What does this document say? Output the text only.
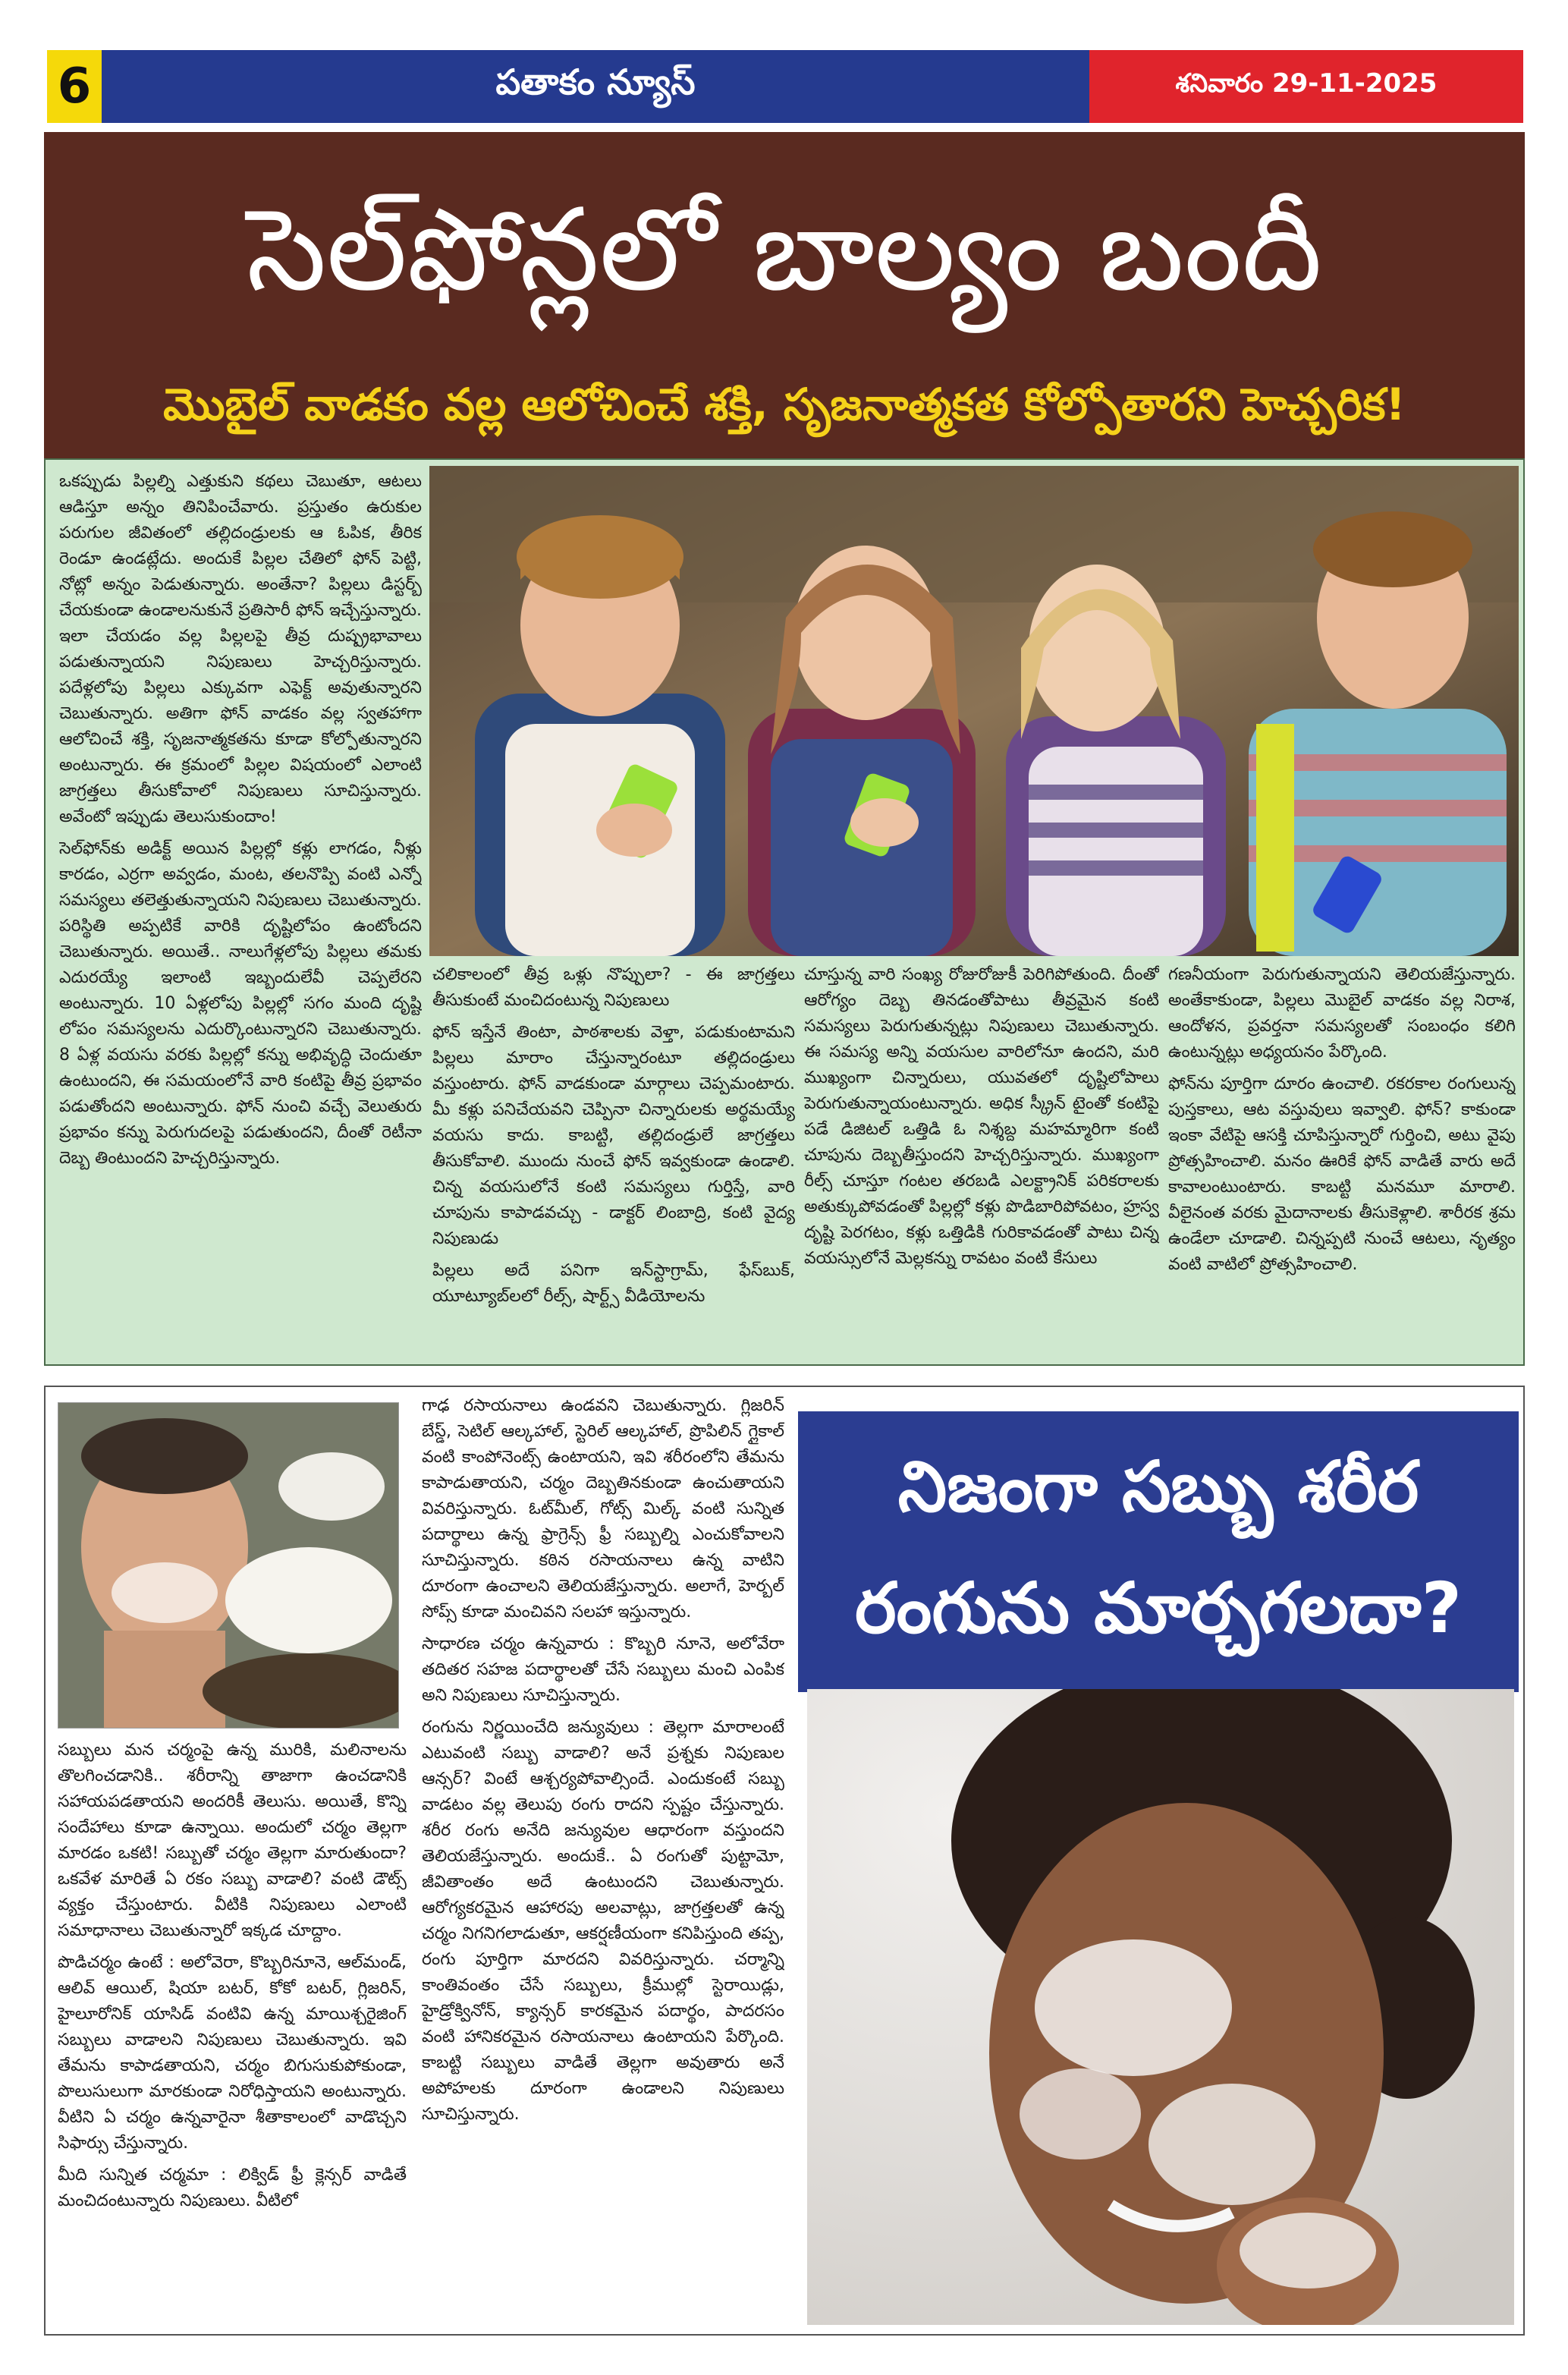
6	పతాకం న్యూస్	శనివారం 29-11-2025
సెల్‌ఫోన్లలో బాల్యం బందీ
మొబైల్ వాడకం వల్ల ఆలోచించే శక్తి, సృజనాత్మకత కోల్పోతారని హెచ్చరిక!

ఒకప్పుడు పిల్లల్ని ఎత్తుకుని కథలు చెబుతూ, ఆటలు ఆడిస్తూ అన్నం తినిపించేవారు. ప్రస్తుతం ఉరుకుల పరుగుల జీవితంలో తల్లిదండ్రులకు ఆ ఓపిక, తీరిక రెండూ ఉండట్లేదు. అందుకే పిల్లల చేతిలో ఫోన్ పెట్టి, నోట్లో అన్నం పెడుతున్నారు. అంతేనా? పిల్లలు డిస్టర్బ్ చేయకుండా ఉండాలనుకునే ప్రతిసారీ ఫోన్ ఇచ్చేస్తున్నారు. ఇలా చేయడం వల్ల పిల్లలపై తీవ్ర దుష్ప్రభావాలు పడుతున్నాయని నిపుణులు హెచ్చరిస్తున్నారు. పదేళ్లలోపు పిల్లలు ఎక్కువగా ఎఫెక్ట్ అవుతున్నారని చెబుతున్నారు. అతిగా ఫోన్ వాడకం వల్ల స్వతహాగా ఆలోచించే శక్తి, సృజనాత్మకతను కూడా కోల్పోతున్నారని అంటున్నారు. ఈ క్రమంలో పిల్లల విషయంలో ఎలాంటి జాగ్రత్తలు తీసుకోవాలో నిపుణులు సూచిస్తున్నారు. అవేంటో ఇప్పుడు తెలుసుకుందాం!

సెల్‌ఫోన్‌కు అడిక్ట్ అయిన పిల్లల్లో కళ్లు లాగడం, నీళ్లు కారడం, ఎర్రగా అవ్వడం, మంట, తలనొప్పి వంటి ఎన్నో సమస్యలు తలెత్తుతున్నాయని నిపుణులు చెబుతున్నారు. పరిస్థితి అప్పటికే వారికి దృష్టిలోపం ఉంటోందని చెబుతున్నారు. అయితే.. నాలుగేళ్లలోపు పిల్లలు తమకు ఎదురయ్యే ఇలాంటి ఇబ్బందులేవీ చెప్పలేరని అంటున్నారు. 10 ఏళ్లలోపు పిల్లల్లో సగం మంది దృష్టి లోపం సమస్యలను ఎదుర్కొంటున్నారని చెబుతున్నారు. 8 ఏళ్ల వయసు వరకు పిల్లల్లో కన్ను అభివృద్ధి చెందుతూ ఉంటుందని, ఈ సమయంలోనే వారి కంటిపై తీవ్ర ప్రభావం పడుతోందని అంటున్నారు. ఫోన్ నుంచి వచ్చే వెలుతురు ప్రభావం కన్ను పెరుగుదలపై పడుతుందని, దీంతో రెటీనా దెబ్బ తింటుందని హెచ్చరిస్తున్నారు.

చలికాలంలో తీవ్ర ఒళ్లు నొప్పులా? - ఈ జాగ్రత్తలు తీసుకుంటే మంచిదంటున్న నిపుణులు

ఫోన్ ఇస్తేనే తింటా, పాఠశాలకు వెళ్తా, పడుకుంటామని పిల్లలు మారాం చేస్తున్నారంటూ తల్లిదండ్రులు వస్తుంటారు. ఫోన్ వాడకుండా మార్గాలు చెప్పమంటారు. మీ కళ్లు పనిచేయవని చెప్పినా చిన్నారులకు అర్థమయ్యే వయసు కాదు. కాబట్టి, తల్లిదండ్రులే జాగ్రత్తలు తీసుకోవాలి. ముందు నుంచే ఫోన్ ఇవ్వకుండా ఉండాలి. చిన్న వయసులోనే కంటి సమస్యలు గుర్తిస్తే, వారి చూపును కాపాడవచ్చు - డాక్టర్ లింబాద్రి, కంటి వైద్య నిపుణుడు

పిల్లలు అదే పనిగా ఇన్‌స్టాగ్రామ్, ఫేస్‌బుక్, యూట్యూబ్‌లలో రీల్స్, షార్ట్స్ వీడియోలను

చూస్తున్న వారి సంఖ్య రోజురోజుకీ పెరిగిపోతుంది. దీంతో ఆరోగ్యం దెబ్బ తినడంతోపాటు తీవ్రమైన కంటి సమస్యలు పెరుగుతున్నట్లు నిపుణులు చెబుతున్నారు. ఈ సమస్య అన్ని వయసుల వారిలోనూ ఉందని, మరి ముఖ్యంగా చిన్నారులు, యువతలో దృష్టిలోపాలు పెరుగుతున్నాయంటున్నారు. అధిక స్క్రీన్ టైంతో కంటిపై పడే డిజిటల్ ఒత్తిడి ఓ నిశ్శబ్ద మహమ్మారిగా కంటి చూపును దెబ్బతీస్తుందని హెచ్చరిస్తున్నారు. ముఖ్యంగా రీల్స్ చూస్తూ గంటల తరబడి ఎలక్ట్రానిక్ పరికరాలకు అతుక్కుపోవడంతో పిల్లల్లో కళ్లు పొడిబారిపోవటం, హ్రస్వ దృష్టి పెరగటం, కళ్లు ఒత్తిడికి గురికావడంతో పాటు చిన్న వయస్సులోనే మెల్లకన్ను రావటం వంటి కేసులు

గణనీయంగా పెరుగుతున్నాయని తెలియజేస్తున్నారు. అంతేకాకుండా, పిల్లలు మొబైల్ వాడకం వల్ల నిరాశ, ఆందోళన, ప్రవర్తనా సమస్యలతో సంబంధం కలిగి ఉంటున్నట్లు అధ్యయనం పేర్కొంది.

ఫోన్‌ను పూర్తిగా దూరం ఉంచాలి. రకరకాల రంగులున్న పుస్తకాలు, ఆట వస్తువులు ఇవ్వాలి. ఫోన్? కాకుండా ఇంకా వేటిపై ఆసక్తి చూపిస్తున్నారో గుర్తించి, అటు వైపు ప్రోత్సహించాలి. మనం ఊరికే ఫోన్ వాడితే వారు అదే కావాలంటుంటారు. కాబట్టి మనమూ మారాలి. వీలైనంత వరకు మైదానాలకు తీసుకెళ్లాలి. శారీరక శ్రమ ఉండేలా చూడాలి. చిన్నప్పటి నుంచే ఆటలు, నృత్యం వంటి వాటిలో ప్రోత్సహించాలి.

సబ్బులు మన చర్మంపై ఉన్న మురికి, మలినాలను తొలగించడానికి.. శరీరాన్ని తాజాగా ఉంచడానికి సహాయపడతాయని అందరికీ తెలుసు. అయితే, కొన్ని సందేహాలు కూడా ఉన్నాయి. అందులో చర్మం తెల్లగా మారడం ఒకటి! సబ్బుతో చర్మం తెల్లగా మారుతుందా? ఒకవేళ మారితే ఏ రకం సబ్బు వాడాలి? వంటి డౌట్స్ వ్యక్తం చేస్తుంటారు. వీటికి నిపుణులు ఎలాంటి సమాధానాలు చెబుతున్నారో ఇక్కడ చూద్దాం.

పొడిచర్మం ఉంటే : అలోవెరా, కొబ్బరినూనె, ఆల్‌మండ్, ఆలివ్ ఆయిల్, షియా బటర్, కోకో బటర్, గ్లిజరిన్, హైలూరోనిక్ యాసిడ్ వంటివి ఉన్న మాయిశ్చరైజింగ్ సబ్బులు వాడాలని నిపుణులు చెబుతున్నారు. ఇవి తేమను కాపాడతాయని, చర్మం బిగుసుకుపోకుండా, పొలుసులుగా మారకుండా నిరోధిస్తాయని అంటున్నారు. వీటిని ఏ చర్మం ఉన్నవారైనా శీతాకాలంలో వాడొచ్చని సిఫార్సు చేస్తున్నారు.

మీది సున్నిత చర్మమా : లిక్విడ్ ఫ్రీ క్లెన్సర్ వాడితే మంచిదంటున్నారు నిపుణులు. వీటిలో

గాఢ రసాయనాలు ఉండవని చెబుతున్నారు. గ్లిజరిన్ బేస్డ్, సెటిల్ ఆల్కహాల్, స్టెరిల్ ఆల్కహాల్, ప్రొపిలిన్ గ్లైకాల్ వంటి కాంపోనెంట్స్ ఉంటాయని, ఇవి శరీరంలోని తేమను కాపాడుతాయని, చర్మం దెబ్బతినకుండా ఉంచుతాయని వివరిస్తున్నారు. ఓట్‌మీల్, గోట్స్ మిల్క్ వంటి సున్నిత పదార్థాలు ఉన్న ఫ్రాగ్రెన్స్ ఫ్రీ సబ్బుల్ని ఎంచుకోవాలని సూచిస్తున్నారు. కఠిన రసాయనాలు ఉన్న వాటిని దూరంగా ఉంచాలని తెలియజేస్తున్నారు. అలాగే, హెర్బల్ సోప్స్ కూడా మంచివని సలహా ఇస్తున్నారు.

సాధారణ చర్మం ఉన్నవారు : కొబ్బరి నూనె, అలోవేరా తదితర సహజ పదార్థాలతో చేసే సబ్బులు మంచి ఎంపిక అని నిపుణులు సూచిస్తున్నారు.

రంగును నిర్ణయించేది జన్యువులు : తెల్లగా మారాలంటే ఎటువంటి సబ్బు వాడాలి? అనే ప్రశ్నకు నిపుణుల ఆన్సర్? వింటే ఆశ్చర్యపోవాల్సిందే. ఎందుకంటే సబ్బు వాడటం వల్ల తెలుపు రంగు రాదని స్పష్టం చేస్తున్నారు. శరీర రంగు అనేది జన్యువుల ఆధారంగా వస్తుందని తెలియజేస్తున్నారు. అందుకే.. ఏ రంగుతో పుట్టామో, జీవితాంతం అదే ఉంటుందని చెబుతున్నారు. ఆరోగ్యకరమైన ఆహారపు అలవాట్లు, జాగ్రత్తలతో ఉన్న చర్మం నిగనిగలాడుతూ, ఆకర్షణీయంగా కనిపిస్తుంది తప్ప, రంగు పూర్తిగా మారదని వివరిస్తున్నారు. చర్మాన్ని కాంతివంతం చేసే సబ్బులు, క్రీముల్లో స్టెరాయిడ్లు, హైడ్రోక్వినోన్, క్యాన్సర్ కారకమైన పదార్థం, పాదరసం వంటి హానికరమైన రసాయనాలు ఉంటాయని పేర్కొంది. కాబట్టి సబ్బులు వాడితే తెల్లగా అవుతారు అనే అపోహలకు దూరంగా ఉండాలని నిపుణులు సూచిస్తున్నారు.

నిజంగా సబ్బు శరీర
రంగును మార్చగలదా?
